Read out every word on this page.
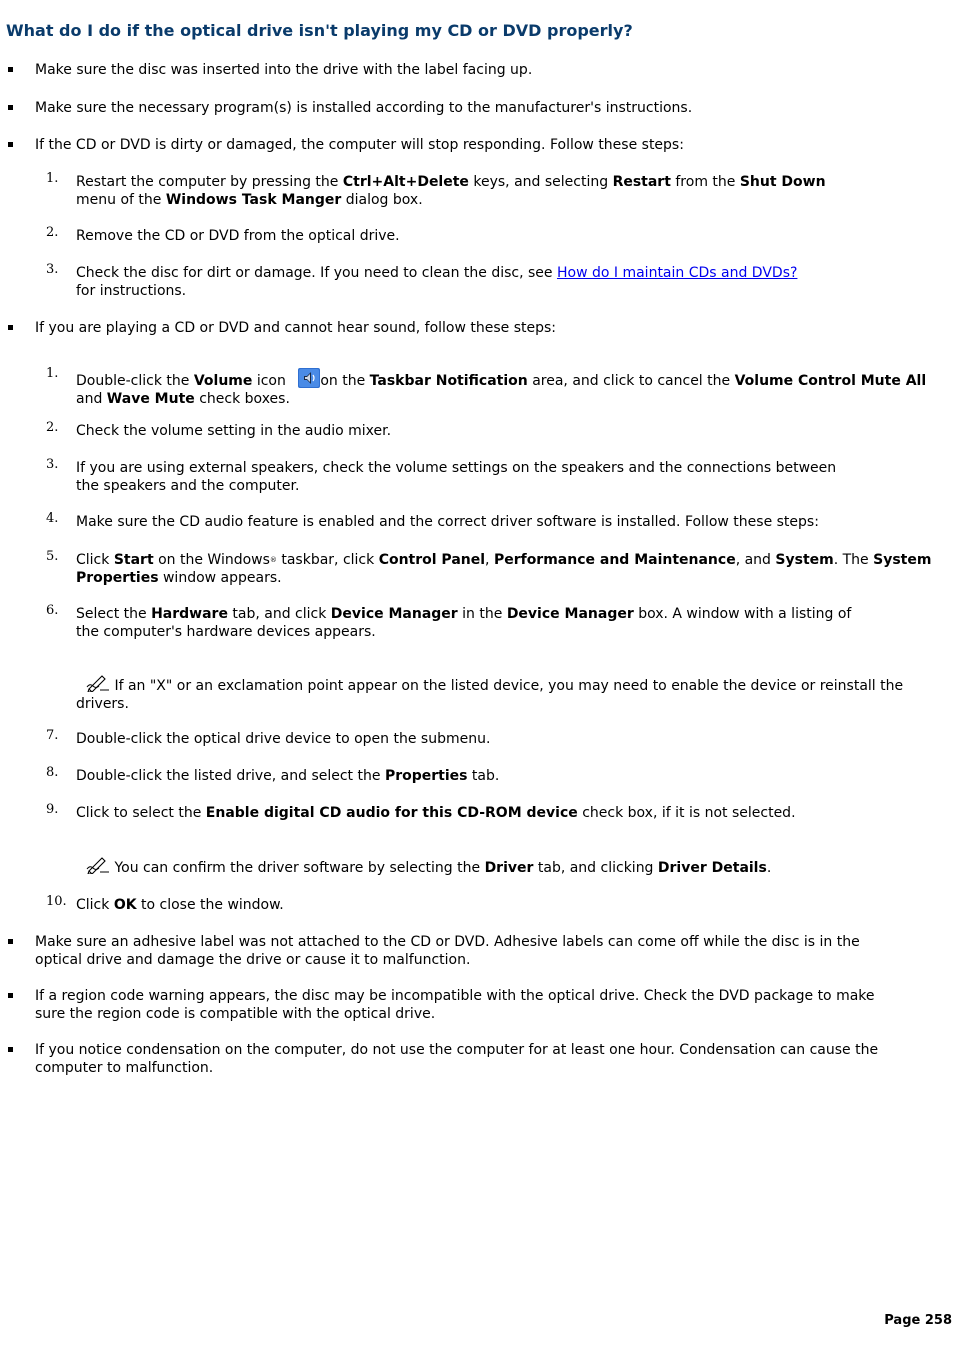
What do I do if the optical drive isn't playing my CD or DVD properly?
Make sure the disc was inserted into the drive with the label facing up.
Make sure the necessary program(s) is installed according to the manufacturer's instructions.
If the CD or DVD is dirty or damaged, the computer will stop responding. Follow these steps:
1. Restart the computer by pressing the Ctrl+Alt+Delete keys, and selecting Restart from the Shut Down
menu of the Windows Task Manger dialog box.
2. Remove the CD or DVD from the optical drive.
3. Check the disc for dirt or damage. If you need to clean the disc, see How do I maintain CDs and DVDs?
for instructions.
If you are playing a CD or DVD and cannot hear sound, follow these steps:
1. Double-click the Volume icon on the Taskbar Notification area, and click to cancel the Volume Control Mute All and Wave Mute check boxes.
2. Check the volume setting in the audio mixer.
3. If you are using external speakers, check the volume settings on the speakers and the connections between the speakers and the computer.
4. Make sure the CD audio feature is enabled and the correct driver software is installed. Follow these steps:
5. Click Start on the Windows® taskbar, click Control Panel, Performance and Maintenance, and System. The System Properties window appears.
6. Select the Hardware tab, and click Device Manager in the Device Manager box. A window with a listing of the computer's hardware devices appears.
If an "X" or an exclamation point appear on the listed device, you may need to enable the device or reinstall the drivers.
7. Double-click the optical drive device to open the submenu.
8. Double-click the listed drive, and select the Properties tab.
9. Click to select the Enable digital CD audio for this CD-ROM device check box, if it is not selected.
You can confirm the driver software by selecting the Driver tab, and clicking Driver Details.
10. Click OK to close the window.
Make sure an adhesive label was not attached to the CD or DVD. Adhesive labels can come off while the disc is in the optical drive and damage the drive or cause it to malfunction.
If a region code warning appears, the disc may be incompatible with the optical drive. Check the DVD package to make sure the region code is compatible with the optical drive.
If you notice condensation on the computer, do not use the computer for at least one hour. Condensation can cause the computer to malfunction.
Page 258
